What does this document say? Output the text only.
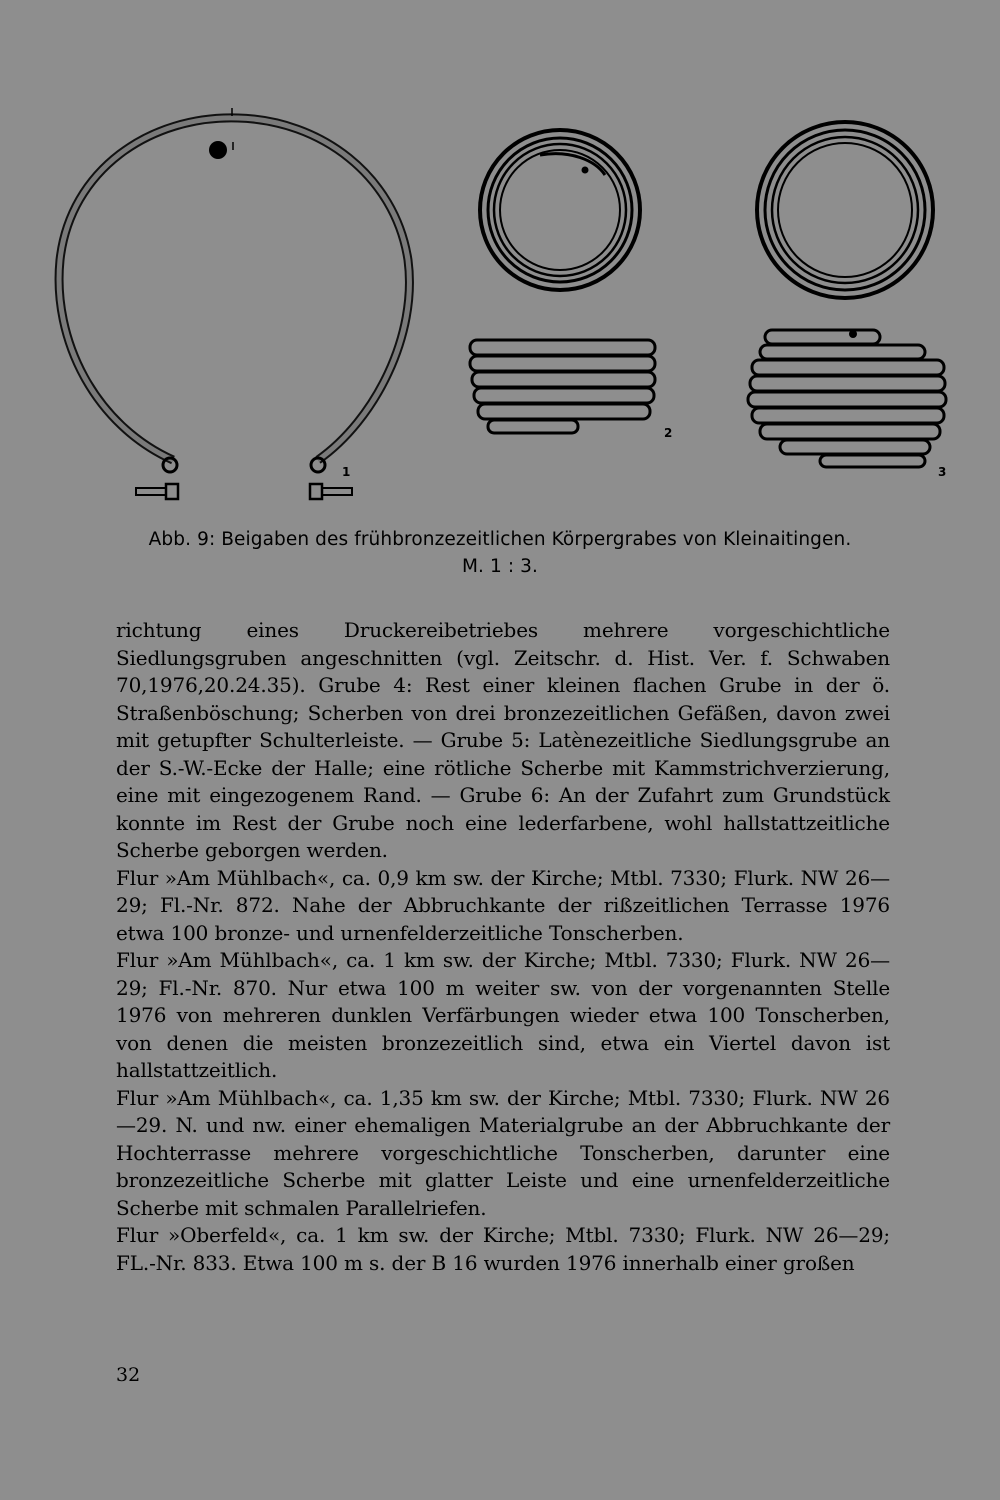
1
2
3
Abb. 9: Beigaben des frühbronzezeitlichen Körpergrabes von Kleinaitingen.
M. 1 : 3.

richtung eines Druckereibetriebes mehrere vorgeschichtliche Siedlungsgruben angeschnitten (vgl. Zeitschr. d. Hist. Ver. f. Schwaben 70,1976,20.24.35). Grube 4: Rest einer kleinen flachen Grube in der ö. Straßenböschung; Scherben von drei bronzezeitlichen Gefäßen, davon zwei mit getupfter Schulterleiste. — Grube 5: Latènezeitliche Siedlungsgrube an der S.-W.-Ecke der Halle; eine rötliche Scherbe mit Kammstrichverzierung, eine mit eingezogenem Rand. — Grube 6: An der Zufahrt zum Grundstück konnte im Rest der Grube noch eine lederfarbene, wohl hallstattzeitliche Scherbe geborgen werden.

Flur »Am Mühlbach«, ca. 0,9 km sw. der Kirche; Mtbl. 7330; Flurk. NW 26—29; Fl.-Nr. 872. Nahe der Abbruchkante der rißzeitlichen Terrasse 1976 etwa 100 bronze- und urnenfelderzeitliche Tonscherben.

Flur »Am Mühlbach«, ca. 1 km sw. der Kirche; Mtbl. 7330; Flurk. NW 26—29; Fl.-Nr. 870. Nur etwa 100 m weiter sw. von der vorgenannten Stelle 1976 von mehreren dunklen Verfärbungen wieder etwa 100 Tonscherben, von denen die meisten bronzezeitlich sind, etwa ein Viertel davon ist hallstattzeitlich.

Flur »Am Mühlbach«, ca. 1,35 km sw. der Kirche; Mtbl. 7330; Flurk. NW 26—29. N. und nw. einer ehemaligen Materialgrube an der Abbruchkante der Hochterrasse mehrere vorgeschichtliche Tonscherben, darunter eine bronzezeitliche Scherbe mit glatter Leiste und eine urnenfelderzeitliche Scherbe mit schmalen Parallelriefen.

Flur »Oberfeld«, ca. 1 km sw. der Kirche; Mtbl. 7330; Flurk. NW 26—29; FL.-Nr. 833. Etwa 100 m s. der B 16 wurden 1976 innerhalb einer großen

32
